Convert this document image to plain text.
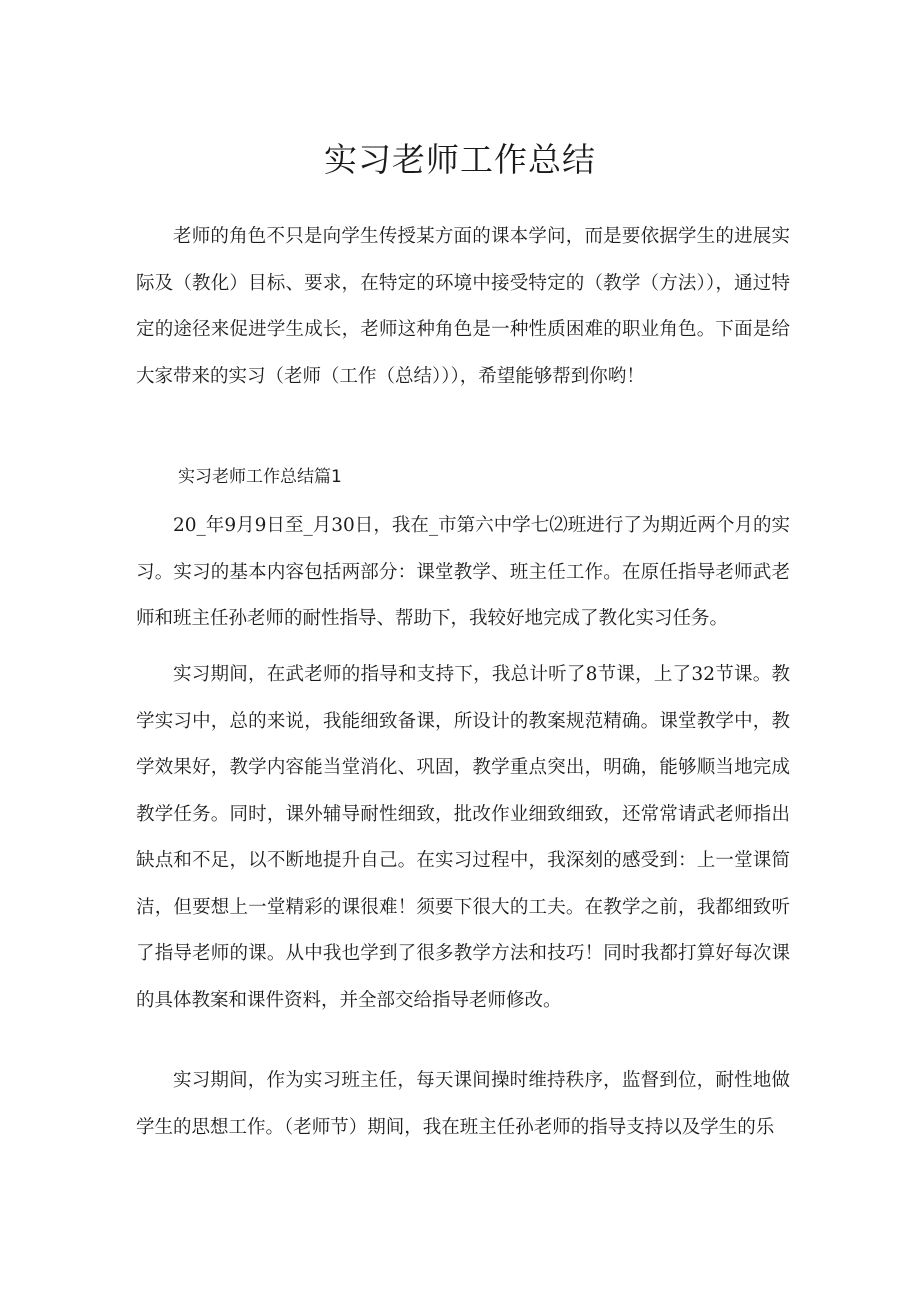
实习老师工作总结

老师的角色不只是向学生传授某方面的课本学问，而是要依据学生的进展实际及（教化）目标、要求，在特定的环境中接受特定的（教学（方法）），通过特定的途径来促进学生成长，老师这种角色是一种性质困难的职业角色。下面是给大家带来的实习（老师（工作（总结））），希望能够帮到你哟！

实习老师工作总结篇1

20_年9月9日至_月30日，我在_市第六中学七⑵班进行了为期近两个月的实习。实习的基本内容包括两部分：课堂教学、班主任工作。在原任指导老师武老师和班主任孙老师的耐性指导、帮助下，我较好地完成了教化实习任务。

实习期间，在武老师的指导和支持下，我总计听了8节课，上了32节课。教学实习中，总的来说，我能细致备课，所设计的教案规范精确。课堂教学中，教学效果好，教学内容能当堂消化、巩固，教学重点突出，明确，能够顺当地完成教学任务。同时，课外辅导耐性细致，批改作业细致细致，还常常请武老师指出缺点和不足，以不断地提升自己。在实习过程中，我深刻的感受到：上一堂课简洁，但要想上一堂精彩的课很难！须要下很大的工夫。在教学之前，我都细致听了指导老师的课。从中我也学到了很多教学方法和技巧！同时我都打算好每次课的具体教案和课件资料，并全部交给指导老师修改。

实习期间，作为实习班主任，每天课间操时维持秩序，监督到位，耐性地做学生的思想工作。（老师节）期间，我在班主任孙老师的指导支持以及学生的乐
